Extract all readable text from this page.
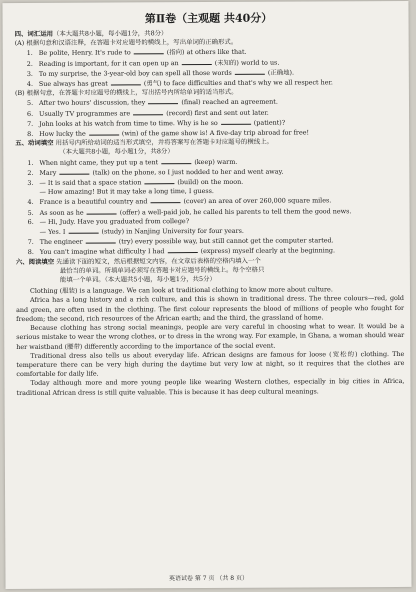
第Ⅱ卷（主观题 共40分）
四、词汇运用（本大题共8小题，每小题1分，共8分）
(A) 根据句意和汉语注释，在答题卡对应题号的横线上，写出单词的正确形式。
1. Be polite, Henry. It's rude to	(指向) at others like that.
2. Reading is important, for it can open up an	(未知的) world to us.
3. To my surprise, the 3-year-old boy can spell all those words	(正确地).
4. Sue always has great	(勇气) to face difficulties and that's why we all respect her.
(B) 根据句意，在答题卡对应题号的横线上，写出括号内所给单词的适当形式。
5. After two hours' discussion, they	(final) reached an agreement.
6. Usually TV programmes are	(record) first and sent out later.
7. John looks at his watch from time to time. Why is he so	(patient)?
8. How lucky the	(win) of the game show is! A five-day trip abroad for free!
五、动词填空 用括号内所给动词的适当形式填空，并将答案写在答题卡对应题号的横线上。
（本大题共8小题，每小题1分，共8分）
1. When night came, they put up a tent	(keep) warm.
2. Mary	(talk) on the phone, so I just nodded to her and went away.
3. — It is said that a space station	(build) on the moon.
— How amazing! But it may take a long time, I guess.
4. France is a beautiful country and	(cover) an area of over 260,000 square miles.
5. As soon as he	(offer) a well-paid job, he called his parents to tell them the good news.
6. — Hi, Judy. Have you graduated from college?
— Yes. I	(study) in Nanjing University for four years.
7. The engineer	(try) every possible way, but still cannot get the computer started.
8. You can't imagine what difficulty I had	(express) myself clearly at the beginning.
六、阅读填空 先通读下面的短文，然后根据短文内容，在文章后表格的空格内填入一个
最恰当的单词。所填单词必须写在答题卡对应题号的横线上。每个空格只
能填一个单词。（本大题共5小题，每小题1分，共5分）
Clothing (服装) is a language. We can look at traditional clothing to know more about culture.
Africa has a long history and a rich culture, and this is shown in traditional dress. The three colours—red, gold and green, are often used in the clothing. The first colour represents the blood of millions of people who fought for freedom; the second, rich resources of the African earth; and the third, the grassland of home.
Because clothing has strong social meanings, people are very careful in choosing what to wear. It would be a serious mistake to wear the wrong clothes, or to dress in the wrong way. For example, in Ghana, a woman should wear her waistband (腰带) differently according to the importance of the social event.
Traditional dress also tells us about everyday life. African designs are famous for loose (宽松的) clothing. The temperature there can be very high during the daytime but very low at night, so it requires that the clothes are comfortable for daily life.
Today although more and more young people like wearing Western clothes, especially in big cities in Africa, traditional African dress is still quite valuable. This is because it has deep cultural meanings.
英语试卷 第 7 页 （共 8 页）
